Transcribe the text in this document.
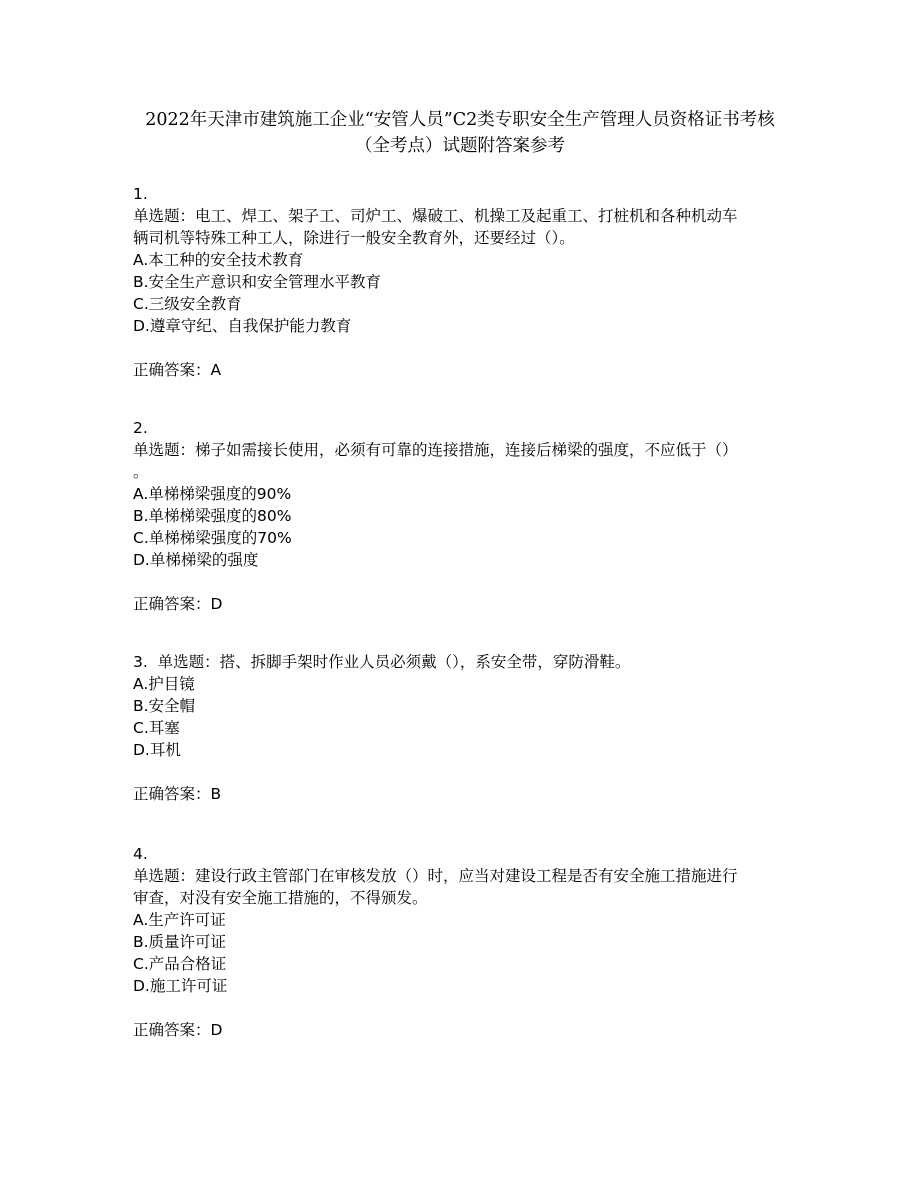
2022年天津市建筑施工企业“安管人员”C2类专职安全生产管理人员资格证书考核
（全考点）试题附答案参考
1.
单选题：电工、焊工、架子工、司炉工、爆破工、机操工及起重工、打桩机和各种机动车
辆司机等特殊工种工人，除进行一般安全教育外，还要经过（）。
A.本工种的安全技术教育
B.安全生产意识和安全管理水平教育
C.三级安全教育
D.遵章守纪、自我保护能力教育
正确答案：A
2.
单选题：梯子如需接长使用，必须有可靠的连接措施，连接后梯梁的强度，不应低于（）
。
A.单梯梯梁强度的90%
B.单梯梯梁强度的80%
C.单梯梯梁强度的70%
D.单梯梯梁的强度
正确答案：D
3. 单选题：搭、拆脚手架时作业人员必须戴（），系安全带，穿防滑鞋。
A.护目镜
B.安全帽
C.耳塞
D.耳机
正确答案：B
4.
单选题：建设行政主管部门在审核发放（）时，应当对建设工程是否有安全施工措施进行
审查，对没有安全施工措施的，不得颁发。
A.生产许可证
B.质量许可证
C.产品合格证
D.施工许可证
正确答案：D
